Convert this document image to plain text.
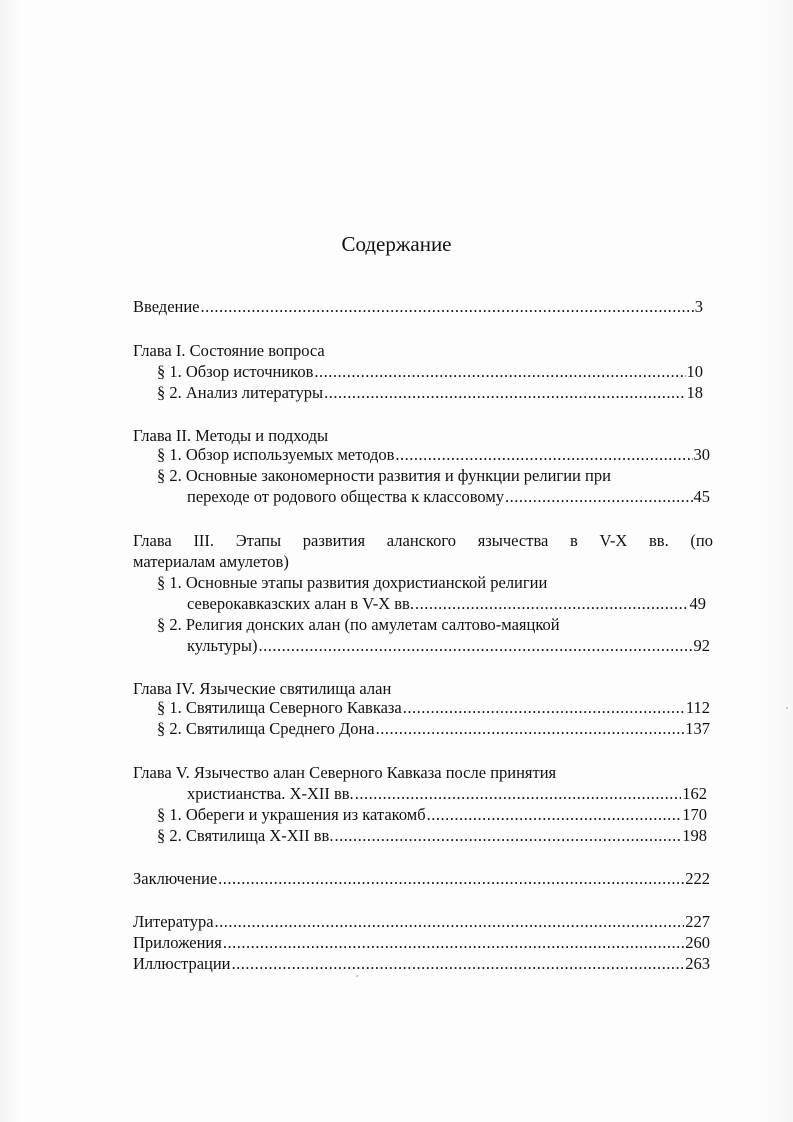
Содержание
Введение .....	3
Глава I. Состояние вопроса
§ 1. Обзор источников .....	10
§ 2. Анализ литературы .....	18
Глава II. Методы и подходы
§ 1. Обзор используемых методов .....	30
§ 2. Основные закономерности развития и функции религии при
переходе от родового общества к классовому .....	45
Глава III. Этапы развития аланского язычества в V-X вв. (по
материалам амулетов)
§ 1. Основные этапы развития дохристианской религии
северокавказских алан в V-X вв. .....	49
§ 2. Религия донских алан (по амулетам салтово-маяцкой
культуры) .....	92
Глава IV. Языческие святилища алан
§ 1. Святилища Северного Кавказа .....	112
§ 2. Святилища Среднего Дона .....	137
Глава V. Язычество алан Северного Кавказа после принятия
христианства. X-XII вв. .....	162
§ 1. Обереги и украшения из катакомб .....	170
§ 2. Святилища X-XII вв. .....	198
Заключение .....	222
Литература .....	227
Приложения .....	260
Иллюстрации .....	263
